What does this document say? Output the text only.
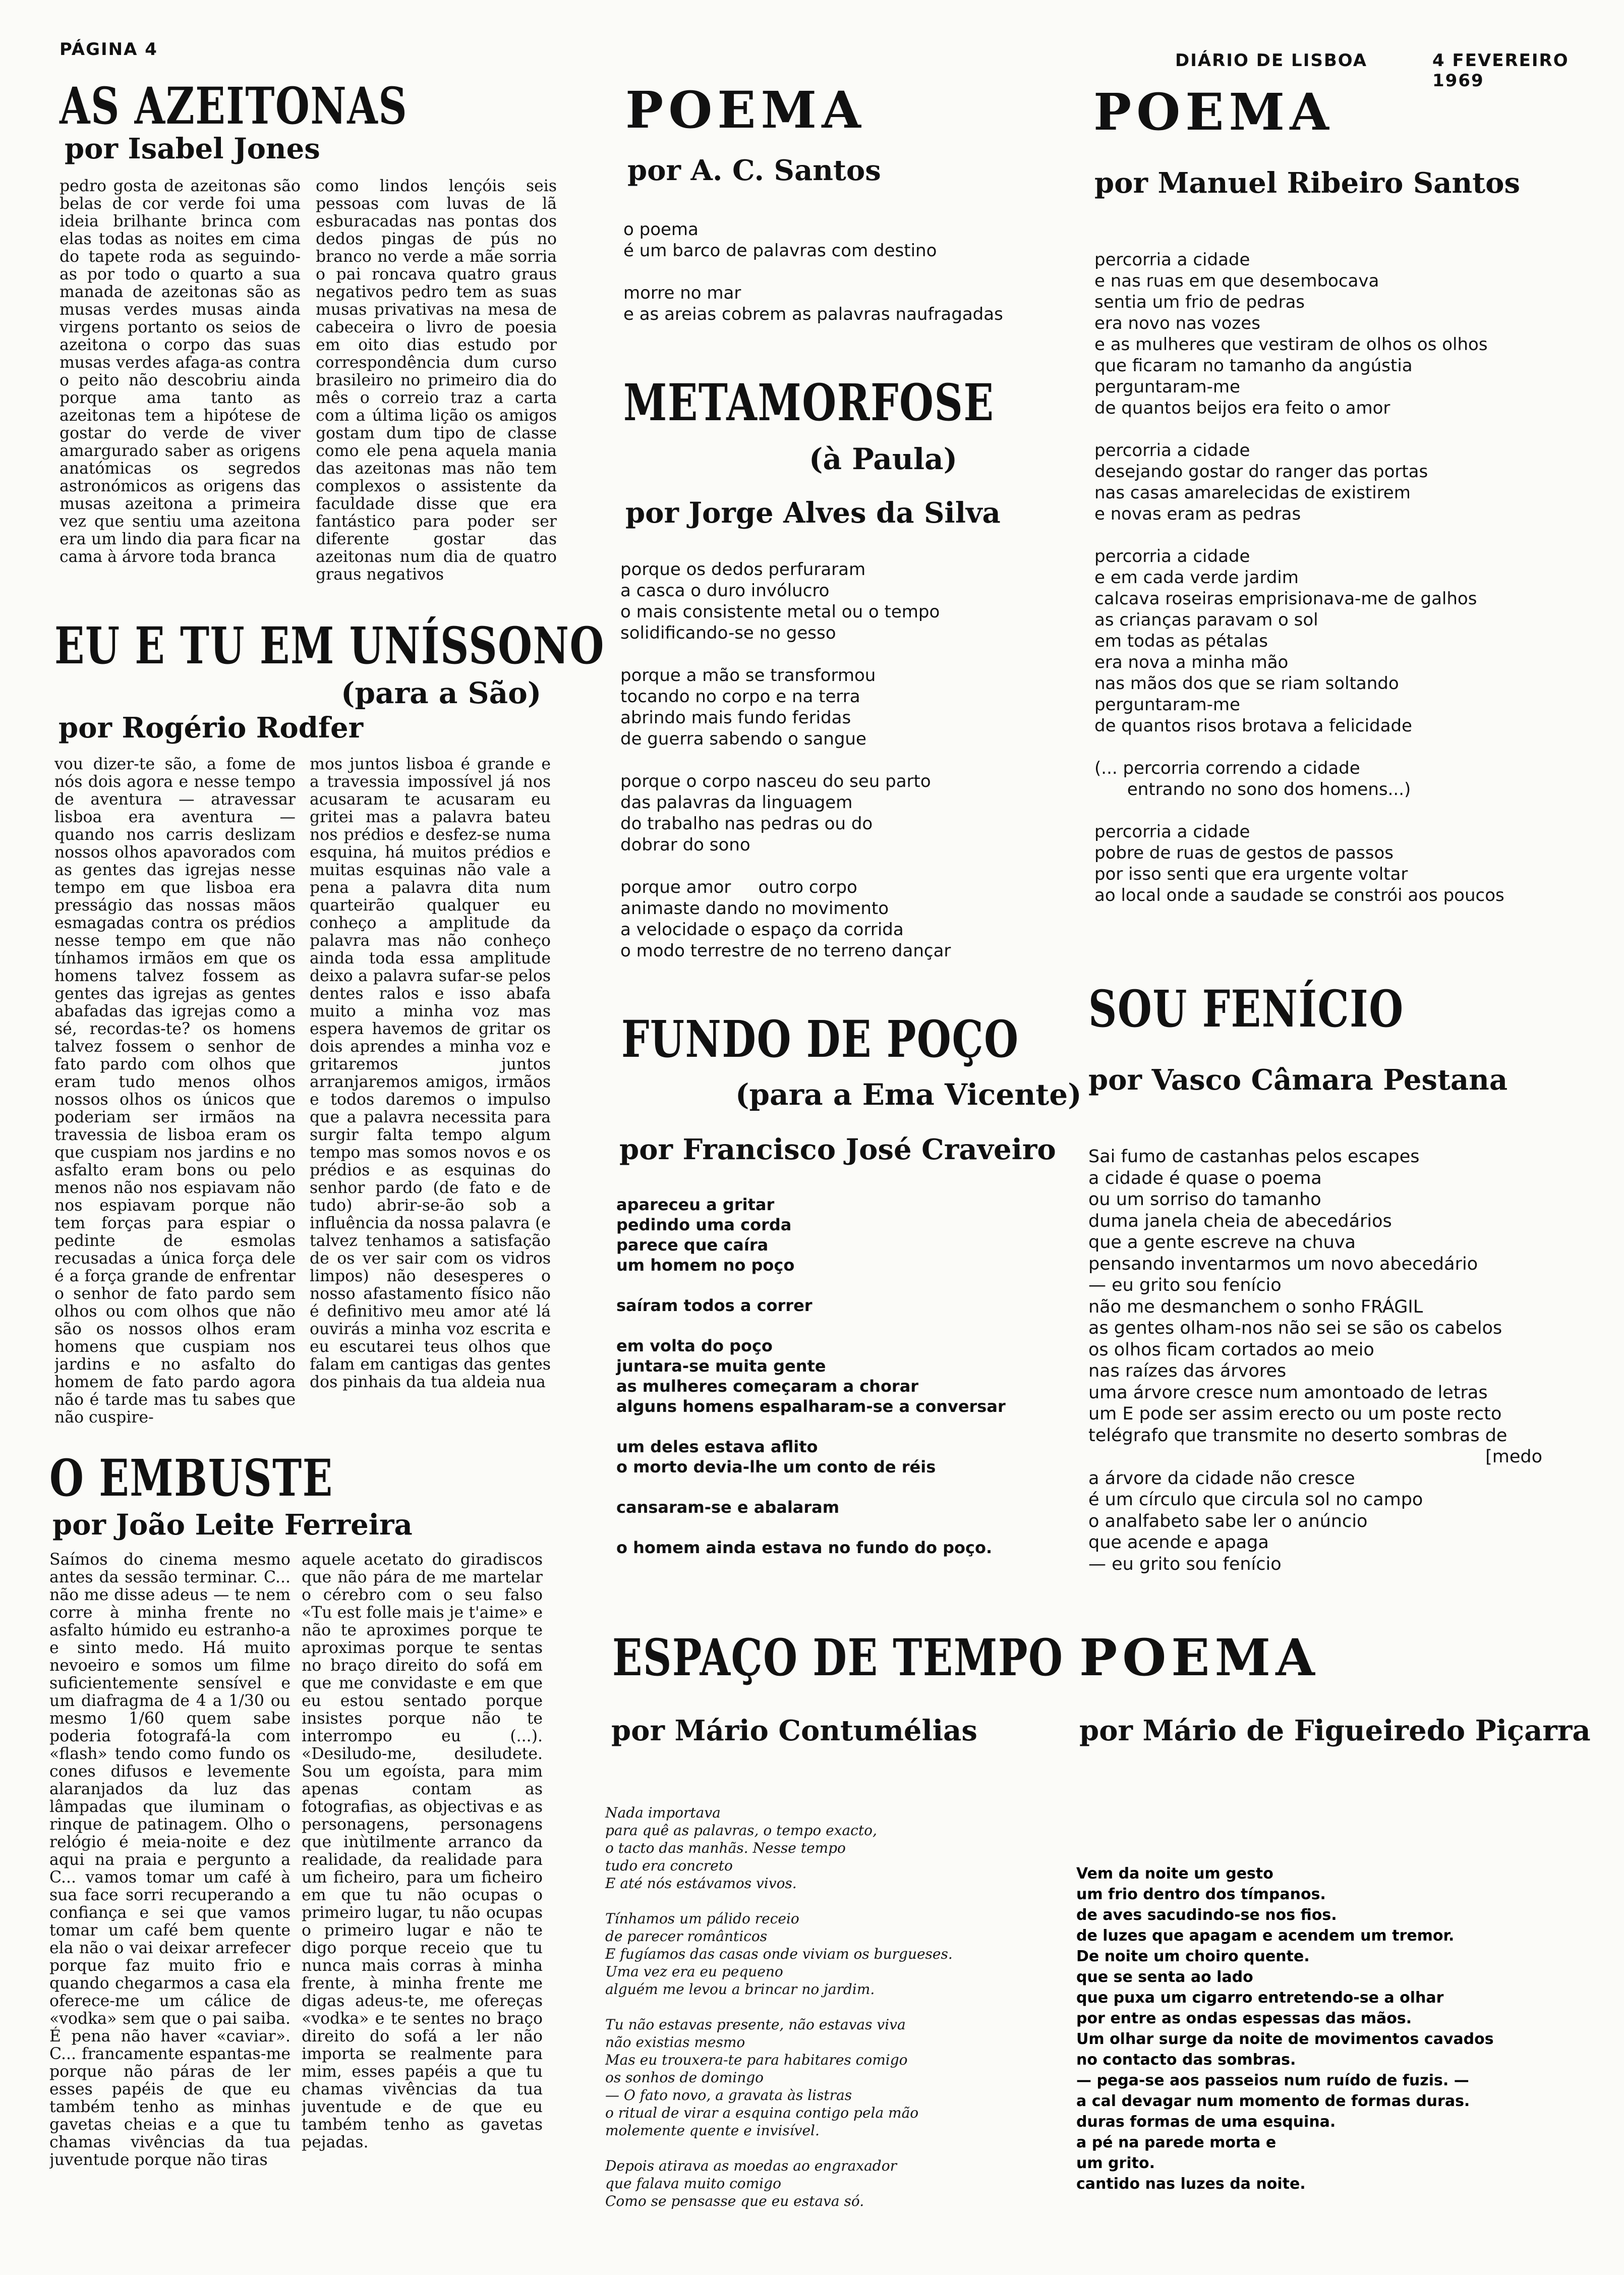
PÁGINA 4
DIÁRIO DE LISBOA	4 FEVEREIRO 1969
AS AZEITONAS
por Isabel Jones

pedro gosta de azeitonas são belas de cor verde foi uma ideia brilhante brinca com elas todas as noites em cima do tapete roda as seguindo-as por todo o quarto a sua manada de azeitonas são as musas verdes musas ainda virgens portanto os seios de azeitona o corpo das suas musas verdes afaga-as contra o peito não descobriu ainda porque ama tanto as azeitonas tem a hipótese de gostar do verde de viver amargurado saber as origens anatómicas os segredos astronómicos as origens das musas azeitona a primeira vez que sentiu uma azeitona era um lindo dia para ficar na cama à árvore toda branca

como lindos lençóis seis pessoas com luvas de lã esburacadas nas pontas dos dedos pingas de pús no branco no verde a mãe sorria o pai roncava quatro graus negativos pedro tem as suas musas privativas na mesa de cabeceira o livro de poesia em oito dias estudo por correspondência dum curso brasileiro no primeiro dia do mês o correio traz a carta com a última lição os amigos gostam dum tipo de classe como ele pena aquela mania das azeitonas mas não tem complexos o assistente da faculdade disse que era fantástico para poder ser diferente gostar das azeitonas num dia de quatro graus negativos

EU E TU EM UNÍSSONO
(para a São)
por Rogério Rodfer

vou dizer-te são, a fome de nós dois agora e nesse tempo de aventura — atravessar lisboa era aventura — quando nos carris deslizam nossos olhos apavorados com as gentes das igrejas nesse tempo em que lisboa era presságio das nossas mãos esmagadas contra os prédios nesse tempo em que não tínhamos irmãos em que os homens talvez fossem as gentes das igrejas as gentes abafadas das igrejas como a sé, recordas-te? os homens talvez fossem o senhor de fato pardo com olhos que eram tudo menos olhos nossos olhos os únicos que poderiam ser irmãos na travessia de lisboa eram os que cuspiam nos jardins e no asfalto eram bons ou pelo menos não nos espiavam não nos espiavam porque não tem forças para espiar o pedinte de esmolas recusadas a única força dele é a força grande de enfrentar o senhor de fato pardo sem olhos ou com olhos que não são os nossos olhos eram homens que cuspiam nos jardins e no asfalto do homem de fato pardo agora não é tarde mas tu sabes que não cuspire-

mos juntos lisboa é grande e a travessia impossível já nos acusaram te acusaram eu gritei mas a palavra bateu nos prédios e desfez-se numa esquina, há muitos prédios e muitas esquinas não vale a pena a palavra dita num quarteirão qualquer eu conheço a amplitude da palavra mas não conheço ainda toda essa amplitude deixo a palavra sufar-se pelos dentes ralos e isso abafa muito a minha voz mas espera havemos de gritar os dois aprendes a minha voz e gritaremos juntos arranjaremos amigos, irmãos e todos daremos o impulso que a palavra necessita para surgir falta tempo algum tempo mas somos novos e os prédios e as esquinas do senhor pardo (de fato e de tudo) abrir-se-ão sob a influência da nossa palavra (e talvez tenhamos a satisfação de os ver sair com os vidros limpos) não desesperes o nosso afastamento físico não é definitivo meu amor até lá ouvirás a minha voz escrita e eu escutarei teus olhos que falam em cantigas das gentes dos pinhais da tua aldeia nua

O EMBUSTE
por João Leite Ferreira

Saímos do cinema mesmo antes da sessão terminar. C... não me disse adeus — te nem corre à minha frente no asfalto húmido eu estranho-a e sinto medo. Há muito nevoeiro e somos um filme suficientemente sensível e um diafragma de 4 a 1/30 ou mesmo 1/60 quem sabe poderia fotografá-la com «flash» tendo como fundo os cones difusos e levemente alaranjados da luz das lâmpadas que iluminam o rinque de patinagem. Olho o relógio é meia-noite e dez aqui na praia e pergunto a C... vamos tomar um café à sua face sorri recuperando a confiança e sei que vamos tomar um café bem quente ela não o vai deixar arrefecer porque faz muito frio e quando chegarmos a casa ela oferece-me um cálice de «vodka» sem que o pai saiba. É pena não haver «caviar». C... francamente espantas-me porque não páras de ler esses papéis de que eu também tenho as minhas gavetas cheias e a que tu chamas vivências da tua juventude porque não tiras

aquele acetato do giradiscos que não pára de me martelar o cérebro com o seu falso «Tu est folle mais je t'aime» e não te aproximes porque te aproximas porque te sentas no braço direito do sofá em que me convidaste e em que eu estou sentado porque insistes porque não te interrompo eu (...). «Desiludo-me, desiludete. Sou um egoísta, para mim apenas contam as fotografias, as objectivas e as personagens, personagens que inùtilmente arranco da realidade, da realidade para um ficheiro, para um ficheiro em que tu não ocupas o primeiro lugar, tu não ocupas o primeiro lugar e não te digo porque receio que tu nunca mais corras à minha frente, à minha frente me digas adeus-te, me ofereças «vodka» e te sentes no braço direito do sofá a ler não importa se realmente para mim, esses papéis a que tu chamas vivências da tua juventude e de que eu também tenho as gavetas pejadas.

POEMA
por A. C. Santos
o poema
é um barco de palavras com destino
morre no mar
e as areias cobrem as palavras naufragadas
METAMORFOSE
(à Paula)
por Jorge Alves da Silva
porque os dedos perfuraram
a casca o duro invólucro
o mais consistente metal ou o tempo
solidificando-se no gesso
porque a mão se transformou
tocando no corpo e na terra
abrindo mais fundo feridas
de guerra sabendo o sangue
porque o corpo nasceu do seu parto
das palavras da linguagem
do trabalho nas pedras ou do
dobrar do sono
porque amor     outro corpo
animaste dando no movimento
a velocidade o espaço da corrida
o modo terrestre de no terreno dançar
FUNDO DE POÇO
(para a Ema Vicente)
por Francisco José Craveiro
apareceu a gritar
pedindo uma corda
parece que caíra
um homem no poço
saíram todos a correr
em volta do poço
juntara-se muita gente
as mulheres começaram a chorar
alguns homens espalharam-se a conversar
um deles estava aflito
o morto devia-lhe um conto de réis
cansaram-se e abalaram
o homem ainda estava no fundo do poço.
ESPAÇO DE TEMPO
por Mário Contumélias
Nada importava
para quê as palavras, o tempo exacto,
o tacto das manhãs. Nesse tempo
tudo era concreto
E até nós estávamos vivos.
Tínhamos um pálido receio
de parecer românticos
E fugíamos das casas onde viviam os burgueses.
Uma vez era eu pequeno
alguém me levou a brincar no jardim.
Tu não estavas presente, não estavas viva
não existias mesmo
Mas eu trouxera-te para habitares comigo
os sonhos de domingo
— O fato novo, a gravata às listras
o ritual de virar a esquina contigo pela mão
molemente quente e invisível.
Depois atirava as moedas ao engraxador
que falava muito comigo
Como se pensasse que eu estava só.
POEMA
por Manuel Ribeiro Santos
percorria a cidade
e nas ruas em que desembocava
sentia um frio de pedras
era novo nas vozes
e as mulheres que vestiram de olhos os olhos
que ficaram no tamanho da angústia
perguntaram-me
de quantos beijos era feito o amor
percorria a cidade
desejando gostar do ranger das portas
nas casas amarelecidas de existirem
e novas eram as pedras
percorria a cidade
e em cada verde jardim
calcava roseiras emprisionava-me de galhos
as crianças paravam o sol
em todas as pétalas
era nova a minha mão
nas mãos dos que se riam soltando
perguntaram-me
de quantos risos brotava a felicidade
(... percorria correndo a cidade
entrando no sono dos homens...)
percorria a cidade
pobre de ruas de gestos de passos
por isso senti que era urgente voltar
ao local onde a saudade se constrói aos poucos
SOU FENÍCIO
por Vasco Câmara Pestana
Sai fumo de castanhas pelos escapes
a cidade é quase o poema
ou um sorriso do tamanho
duma janela cheia de abecedários
que a gente escreve na chuva
pensando inventarmos um novo abecedário
— eu grito sou fenício
não me desmanchem o sonho FRÁGIL
as gentes olham-nos não sei se são os cabelos
os olhos ficam cortados ao meio
nas raízes das árvores
uma árvore cresce num amontoado de letras
um E pode ser assim erecto ou um poste recto
telégrafo que transmite no deserto sombras de
[medo
a árvore da cidade não cresce
é um círculo que circula sol no campo
o analfabeto sabe ler o anúncio
que acende e apaga
— eu grito sou fenício
POEMA
por Mário de Figueiredo Piçarra
Vem da noite um gesto
um frio dentro dos tímpanos.
de aves sacudindo-se nos fios.
de luzes que apagam e acendem um tremor.
De noite um choiro quente.
que se senta ao lado
que puxa um cigarro entretendo-se a olhar
por entre as ondas espessas das mãos.
Um olhar surge da noite de movimentos cavados
no contacto das sombras.
— pega-se aos passeios num ruído de fuzis. —
a cal devagar num momento de formas duras.
duras formas de uma esquina.
a pé na parede morta e
um grito.
cantido nas luzes da noite.
